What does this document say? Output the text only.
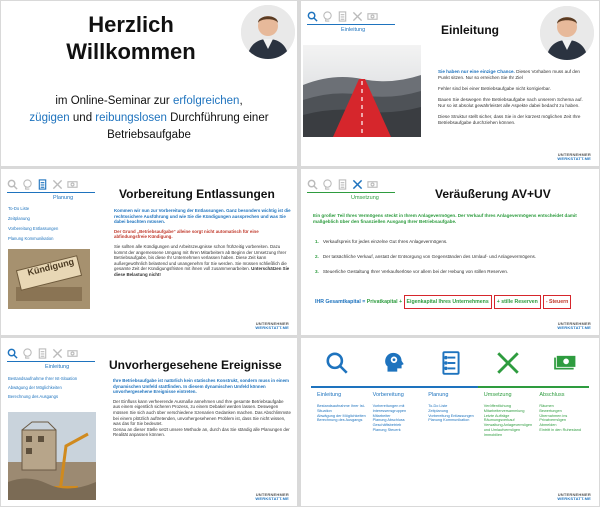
Herzlich
Willkommen
im Online-Seminar zur erfolgreichen,
zügigen und reibungslosen Durchführung einer
Betriebsaufgabe
Einleitung	Einleitung

Sie haben nur eine einzige Chance. Dieses Vorhaben muss auf den Punkt sitzen. Nur so erreichen Sie Ihr Ziel

Fehler sind bei einer Betriebsaufgabe nicht korrigierbar.

Bauen Sie deswegen Ihre Betriebsaufgabe nach unserem Schema auf. Nur so ist absolut gewährleistet alle Aspekte dabei bedacht zu haben.

Diese Struktur stellt sicher, dass Sie in der kürzest möglichen Zeit Ihre Betriebsaufgabe durchziehen können.

UNTERNEHMER
WERKSTATT.ME
Planung	Vorbereitung Entlassungen
To-Do Liste
Zeitplanung
Vorbereitung Entlassungen
Planung Kommunikation
Kündigung

Kommen wir nun zur Vorbereitung der Entlassungen. Ganz besonders wichtig ist die rechtssichere Ausführung und wie Sie die Kündigungen aussprechen und was Sie dabei beachten müssen.

Der Grund „Betriebsaufgabe“ alleine sorgt nicht automatisch für eine abfindungsfreie Kündigung.

Sie sollten alle Kündigungen und Arbeitszeugnisse schon frühzeitig vorbereiten. Dazu kommt der angemessene Umgang mit Ihren Mitarbeitern ab Beginn der Umsetzung Ihrer Betriebsaufgabe, bis diese Ihr Unternehmen verlassen haben. Diese Zeit kann außergewöhnlich belastend und unangenehm für Sie werden. Sie müssen schließlich die gesamte Zeit der Kündigungsfristen mit ihnen voll zusammenarbeiten. Unterschätzen Sie diese Belastung nicht!

UNTERNEHMER
WERKSTATT.ME
Umsetzung	Veräußerung AV+UV
Ein großer Teil Ihres Vermögens steckt in Ihrem Anlagevermögen. Der Verkauf Ihres Anlagevermögens entscheidet damit maßgeblich über den finanziellen Ausgang Ihrer Betriebsaufgabe.
1. Verkaufspreis für jedes einzelne Gut Ihres Anlagevermögens.
2. Der tatsächliche Verkauf, anstatt der Entsorgung von Gegenständen des Umlauf- und Anlagevermögens.
3. Steuerliche Gestaltung Ihrer Verkaufserlöse vor allem bei der Hebung von stillen Reserven.
IHR Gesamtkapital = Privatkapital + Eigenkapital Ihres Unternehmens	+ stille Reserven	- Steuern
UNTERNEHMER
WERKSTATT.ME
Einleitung	Unvorhergesehene Ereignisse
Bestandsaufnahme Ihrer Ist-Situation
Abwägung der Möglichkeiten
Berechnung des Ausgangs

Ihre Betriebsaufgabe ist natürlich kein statisches Konstrukt, sondern muss in einem dynamischen Umfeld stattfinden. In diesem dynamischen Umfeld können unvorhergesehene Ereignisse eintreten.

Der Einfluss kann verheerende Ausmaße annehmen und Ihre gesamte Betriebsaufgabe aus einem eigentlich sicheren Prozess, zu einem Debakel werden lassen. Deswegen müssen Sie sich auch über verschiedene Szenarien Gedanken machen. Das Abschlimmste bei einem plötzlich auftretenden, unvorhergesehenen Problem ist, dass Sie nicht wissen, was das für Sie bedeutet.

Genau an dieser Stelle setzt unsere Methode an, durch das Sie ständig alle Planungen der Realität anpassen können.

UNTERNEHMER
WERKSTATT.ME
Einleitung
Bestandsaufnahme Ihrer Ist-Situation
Abwägung der Möglichkeiten
Berechnung des Ausgangs
Vorbereitung
Vorbereitungen mit Interessensgruppen
Mitarbeiter
Planung Abschluss Geschäftsbetrieb
Planung Steuerk
Planung
To-Do Liste
Zeitplanung
Vorbereitung Entlassungen
Planung Kommunikation
Umsetzung
Veröffentlichung
Mitarbeiterversammlung
Letzte Aufträge
Räumungsverkauf
Verwaltung Anlagevermögen und Umlaufvermögen
Immobilien
Abschluss
Räumen
Bewertungen
Übernahmen ins Privatvermögen
Abmelden
Eintritt in den Ruhestand
UNTERNEHMER
WERKSTATT.ME
